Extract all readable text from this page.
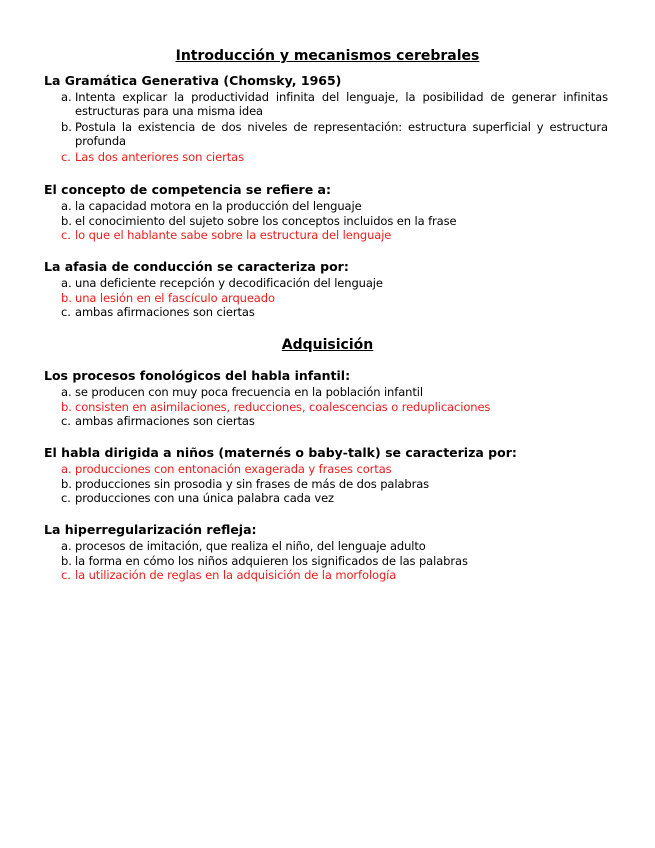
Introducción y mecanismos cerebrales

La Gramática Generativa (Chomsky, 1965)

a. Intenta explicar la productividad infinita del lenguaje, la posibilidad de generar infinitas estructuras para una misma idea
b. Postula la existencia de dos niveles de representación: estructura superficial y estructura profunda
c. Las dos anteriores son ciertas

El concepto de competencia se refiere a:

a. la capacidad motora en la producción del lenguaje
b. el conocimiento del sujeto sobre los conceptos incluidos en la frase
c. lo que el hablante sabe sobre la estructura del lenguaje

La afasia de conducción se caracteriza por:

a. una deficiente recepción y decodificación del lenguaje
b. una lesión en el fascículo arqueado
c. ambas afirmaciones son ciertas
Adquisición

Los procesos fonológicos del habla infantil:

a. se producen con muy poca frecuencia en la población infantil
b. consisten en asimilaciones, reducciones, coalescencias o reduplicaciones
c. ambas afirmaciones son ciertas

El habla dirigida a niños (maternés o baby-talk) se caracteriza por:

a. producciones con entonación exagerada y frases cortas
b. producciones sin prosodia y sin frases de más de dos palabras
c. producciones con una única palabra cada vez

La hiperregularización refleja:

a. procesos de imitación, que realiza el niño, del lenguaje adulto
b. la forma en cómo los niños adquieren los significados de las palabras
c. la utilización de reglas en la adquisición de la morfología
